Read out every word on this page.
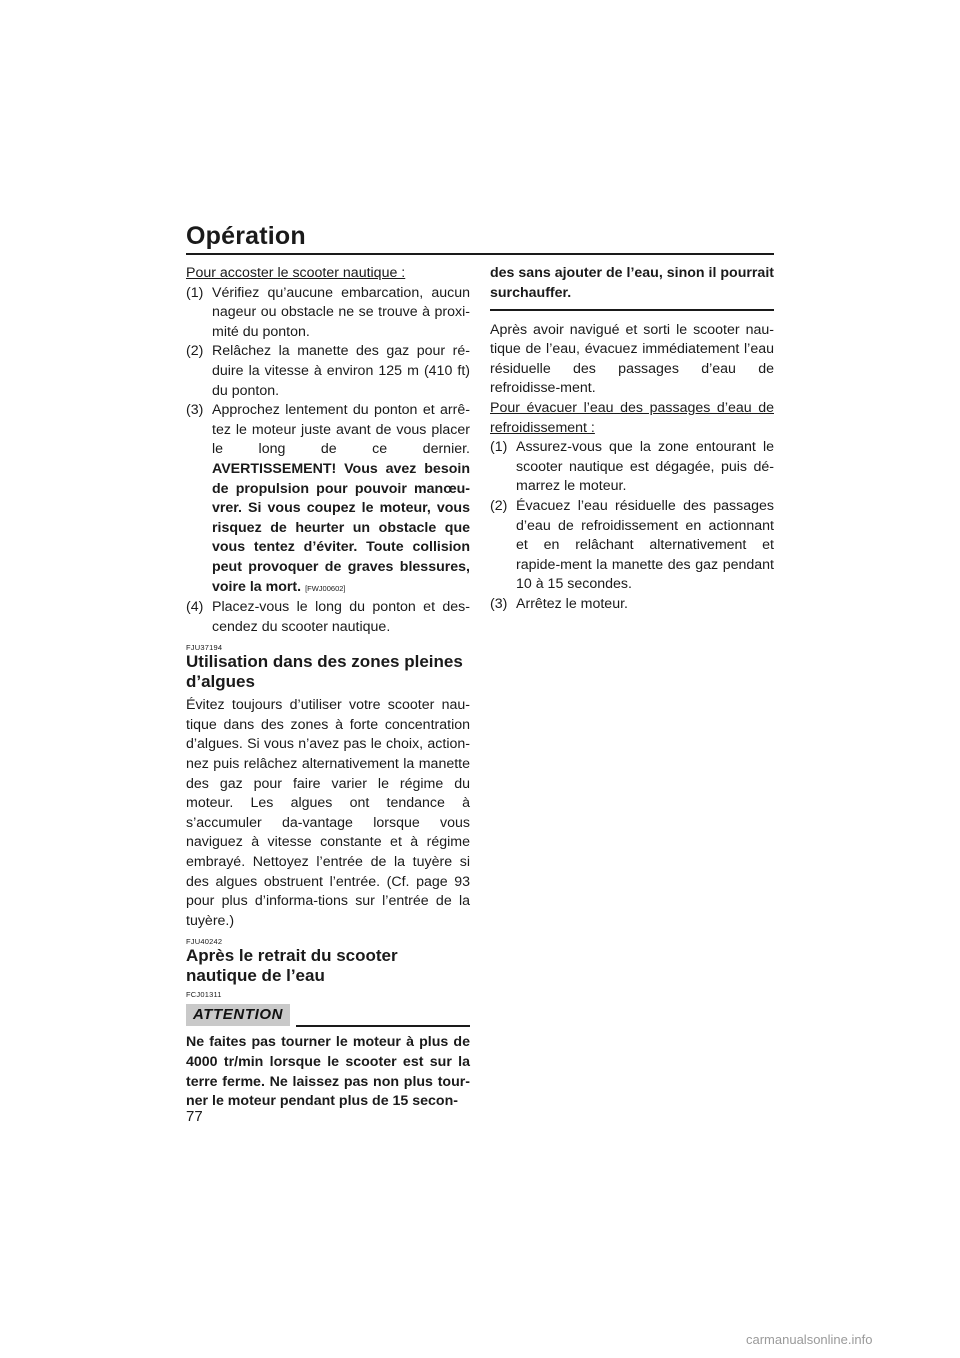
Opération
Pour accoster le scooter nautique :
(1) Vérifiez qu’aucune embarcation, aucun nageur ou obstacle ne se trouve à proxi-mité du ponton.
(2) Relâchez la manette des gaz pour ré-duire la vitesse à environ 125 m (410 ft) du ponton.
(3) Approchez lentement du ponton et arrê-tez le moteur juste avant de vous placer le long de ce dernier. AVERTISSEMENT! Vous avez besoin de propulsion pour pouvoir manœu-vrer. Si vous coupez le moteur, vous risquez de heurter un obstacle que vous tentez d’éviter. Toute collision peut provoquer de graves blessures, voire la mort. [FWJ00602]
(4) Placez-vous le long du ponton et des-cendez du scooter nautique.
FJU37194
Utilisation dans des zones pleines d’algues

Évitez toujours d’utiliser votre scooter nau-tique dans des zones à forte concentration d’algues. Si vous n’avez pas le choix, action-nez puis relâchez alternativement la manette des gaz pour faire varier le régime du moteur. Les algues ont tendance à s’accumuler da-vantage lorsque vous naviguez à vitesse constante et à régime embrayé. Nettoyez l’entrée de la tuyère si des algues obstruent l’entrée. (Cf. page 93 pour plus d’informa-tions sur l’entrée de la tuyère.)

FJU40242
Après le retrait du scooter nautique de l’eau
FCJ01311
ATTENTION

Ne faites pas tourner le moteur à plus de 4000 tr/min lorsque le scooter est sur la terre ferme. Ne laissez pas non plus tour-ner le moteur pendant plus de 15 secon-

des sans ajouter de l’eau, sinon il pourrait surchauffer.

Après avoir navigué et sorti le scooter nau-tique de l’eau, évacuez immédiatement l’eau résiduelle des passages d’eau de refroidisse-ment.

Pour évacuer l’eau des passages d’eau de refroidissement :
(1) Assurez-vous que la zone entourant le scooter nautique est dégagée, puis dé-marrez le moteur.
(2) Évacuez l’eau résiduelle des passages d’eau de refroidissement en actionnant et en relâchant alternativement et rapide-ment la manette des gaz pendant 10 à 15 secondes.
(3) Arrêtez le moteur.
77
carmanualsonline.info
